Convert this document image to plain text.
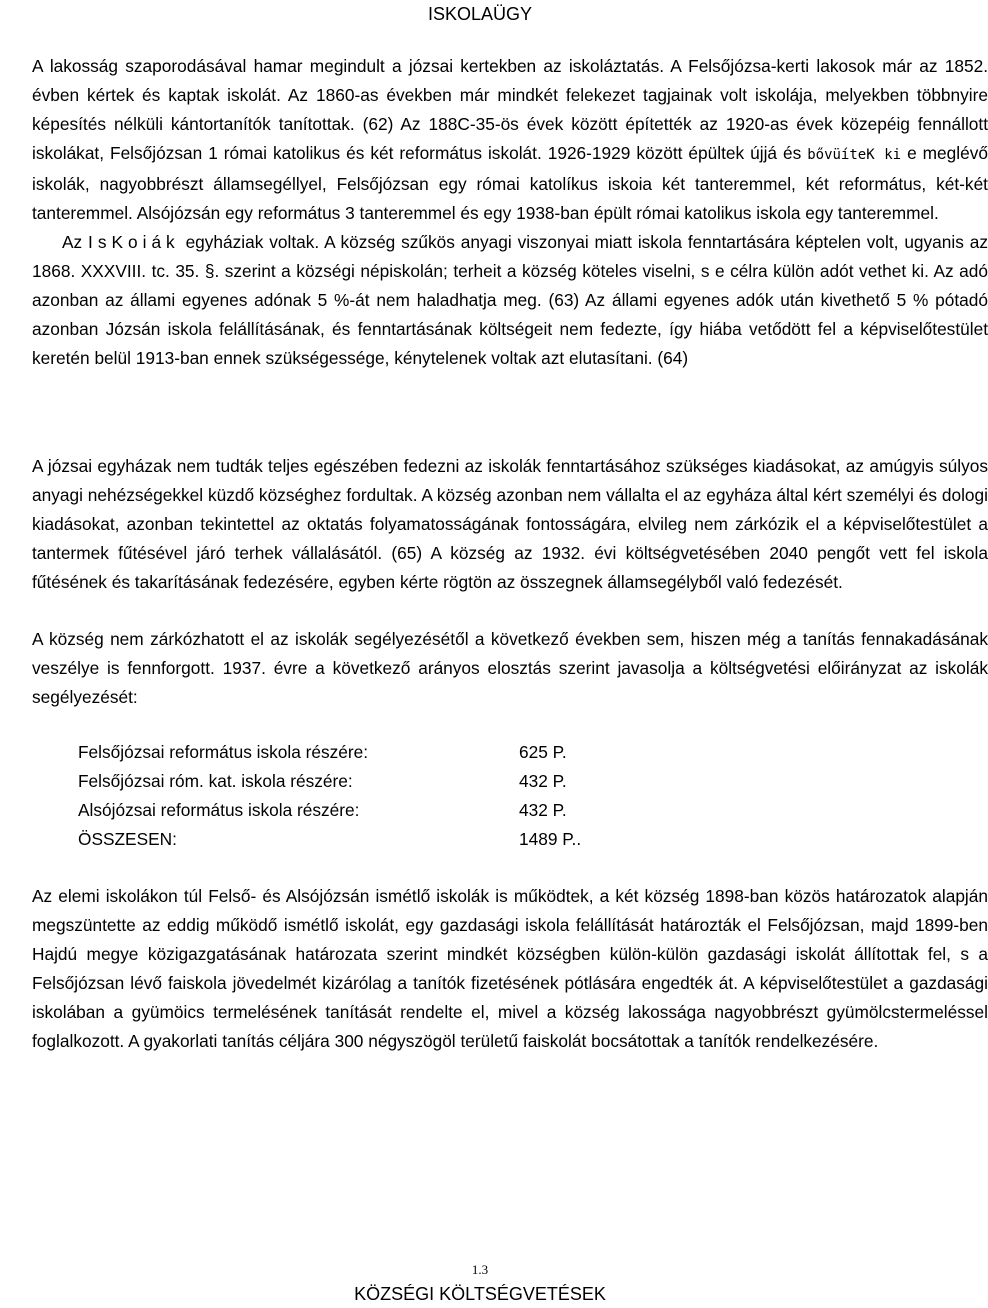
ISKOLAÜGY

A lakosság szaporodásával hamar megindult a józsai kertekben az iskoláztatás. A Felsőjózsa-kerti lakosok már az 1852. évben kértek és kaptak iskolát. Az 1860-as években már mindkét felekezet tagjainak volt iskolája, melyekben többnyire képesítés nélküli kántortanítók tanítottak. (62) Az 188C-35-ös évek között építették az 1920-as évek közepéig fennállott iskolákat, Felsőjózsan 1 római katolikus és két református iskolát. 1926-1929 között épültek újjá és bővüíteK ki e meglévő iskolák, nagyobbrészt államsegéllyel, Felsőjózsan egy római katolíkus iskoia két tanteremmel, két református, két-két tanteremmel. Alsójózsán egy református 3 tanteremmel és egy 1938-ban épült római katolikus iskola egy tanteremmel.
Az IsKoiák egyháziak voltak. A község szűkös anyagi viszonyai miatt iskola fenntartására képtelen volt, ugyanis az 1868. XXXVIII. tc. 35. §. szerint a községi népiskolán; terheit a község köteles viselni, s e célra külön adót vethet ki. Az adó azonban az állami egyenes adónak 5 %-át nem haladhatja meg. (63) Az állami egyenes adók után kivethető 5 % pótadó azonban Józsán iskola felállításának, és fenntartásának költségeit nem fedezte, így hiába vetődött fel a képviselőtestület keretén belül 1913-ban ennek szükségessége, kénytelenek voltak azt elutasítani. (64)

A józsai egyházak nem tudták teljes egészében fedezni az iskolák fenntartásához szükséges kiadásokat, az amúgyis súlyos anyagi nehézségekkel küzdő községhez fordultak. A község azonban nem vállalta el az egyháza által kért személyi és dologi kiadásokat, azonban tekintettel az oktatás folyamatosságának fontosságára, elvileg nem zárkózik el a képviselőtestület a tantermek fűtésével járó terhek vállalásától. (65) A község az 1932. évi költségvetésében 2040 pengőt vett fel iskola fűtésének és takarításának fedezésére, egyben kérte rögtön az összegnek államsegélyből való fedezését.

A község nem zárkózhatott el az iskolák segélyezésétől a következő években sem, hiszen még a tanítás fennakadásának veszélye is fennforgott. 1937. évre a következő arányos elosztás szerint javasolja a költségvetési előirányzat az iskolák segélyezését:

Felsőjózsai református iskola részére:	625 P.
Felsőjózsai róm. kat. iskola részére:	432 P.
Alsójózsai református iskola részére:	432 P.
ÖSSZESEN:	1489 P..

Az elemi iskolákon túl Felső- és Alsójózsán ismétlő iskolák is működtek, a két község 1898-ban közös határozatok alapján megszüntette az eddig működő ismétlő iskolát, egy gazdasági iskola felállítását határozták el Felsőjózsan, majd 1899-ben Hajdú megye közigazgatásának határozata szerint mindkét községben külön-külön gazdasági iskolát állítottak fel, s a Felsőjózsan lévő faiskola jövedelmét kizárólag a tanítók fizetésének pótlására engedték át. A képviselőtestület a gazdasági iskolában a gyümöics termelésének tanítását rendelte el, mivel a község lakossága nagyobbrészt gyümölcstermeléssel foglalkozott. A gyakorlati tanítás céljára 300 négyszögöl területű faiskolát bocsátottak a tanítók rendelkezésére.

1.3
KÖZSÉGI KÖLTSÉGVETÉSEK
